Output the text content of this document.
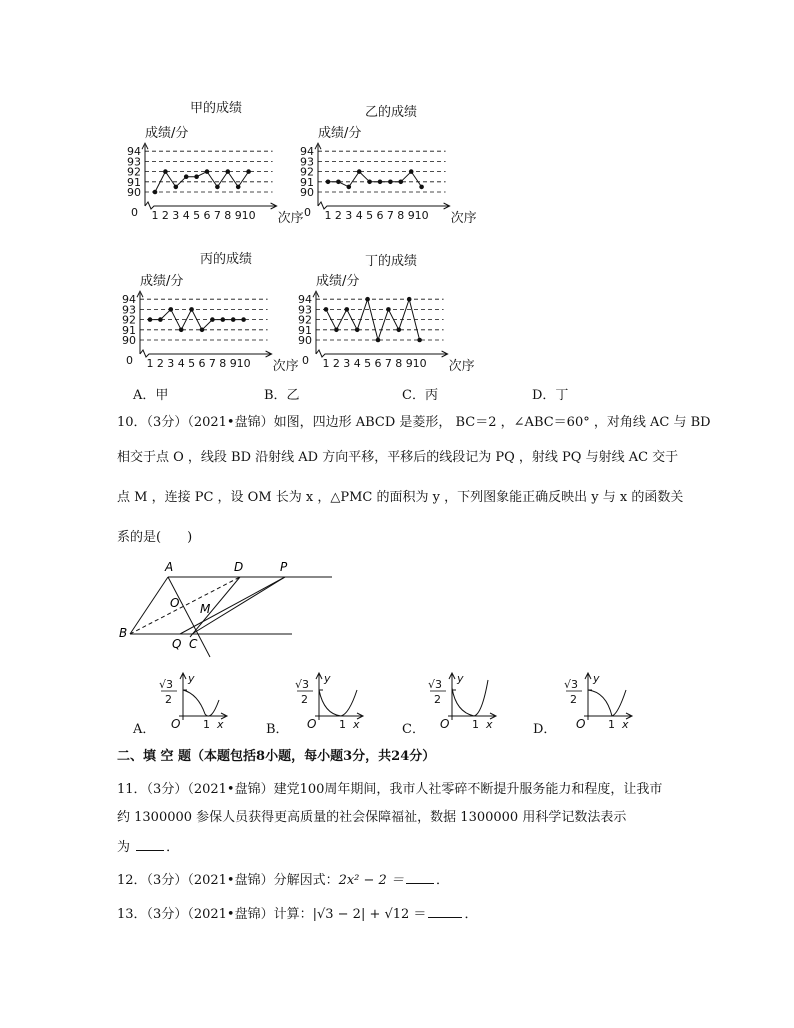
甲的成绩
成绩/分
94
93
92
91
90
0 1 2 3 4 5 6 7 8 9 10 次序
乙的成绩
成绩/分
94
93
92
91
90
0 1 2 3 4 5 6 7 8 9 10 次序
丙的成绩
成绩/分
94
93
92
91
90
0 1 2 3 4 5 6 7 8 9 10 次序
丁的成绩
成绩/分
94
93
92
91
90
0 1 2 3 4 5 6 7 8 9 10 次序
A．甲	B．乙	C．丙	D．丁
10．（3分）（2021•盘锦）如图，四边形 ABCD 是菱形， BC＝2 ，∠ABC＝60° ，对角线 AC 与 BD
相交于点 O ，线段 BD 沿射线 AD 方向平移，平移后的线段记为 PQ ，射线 PQ 与射线 AC 交于
点 M ，连接 PC ，设 OM 长为 x ，△PMC 的面积为 y ，下列图象能正确反映出 y 与 x 的函数关
系的是(　　)
A	D	P
O M
B
Q C
A．	B．	C．	D．
√3
2
y
O 1 x
√3
2
y
O 1 x
√3
2
y
O 1 x
√3
2
y
O 1 x
二、填 空 题（本题包括8小题，每小题3分，共24分）
11．（3分）（2021•盘锦）建党100周年期间，我市人社零碎不断提升服务能力和程度，让我市
约 1300000 参保人员获得更高质量的社会保障福祉，数据 1300000 用科学记数法表示
为	．
12．（3分）（2021•盘锦）分解因式：2x² − 2 ＝ ．
13．（3分）（2021•盘锦）计算：|√3 − 2| + √12 ＝	．
